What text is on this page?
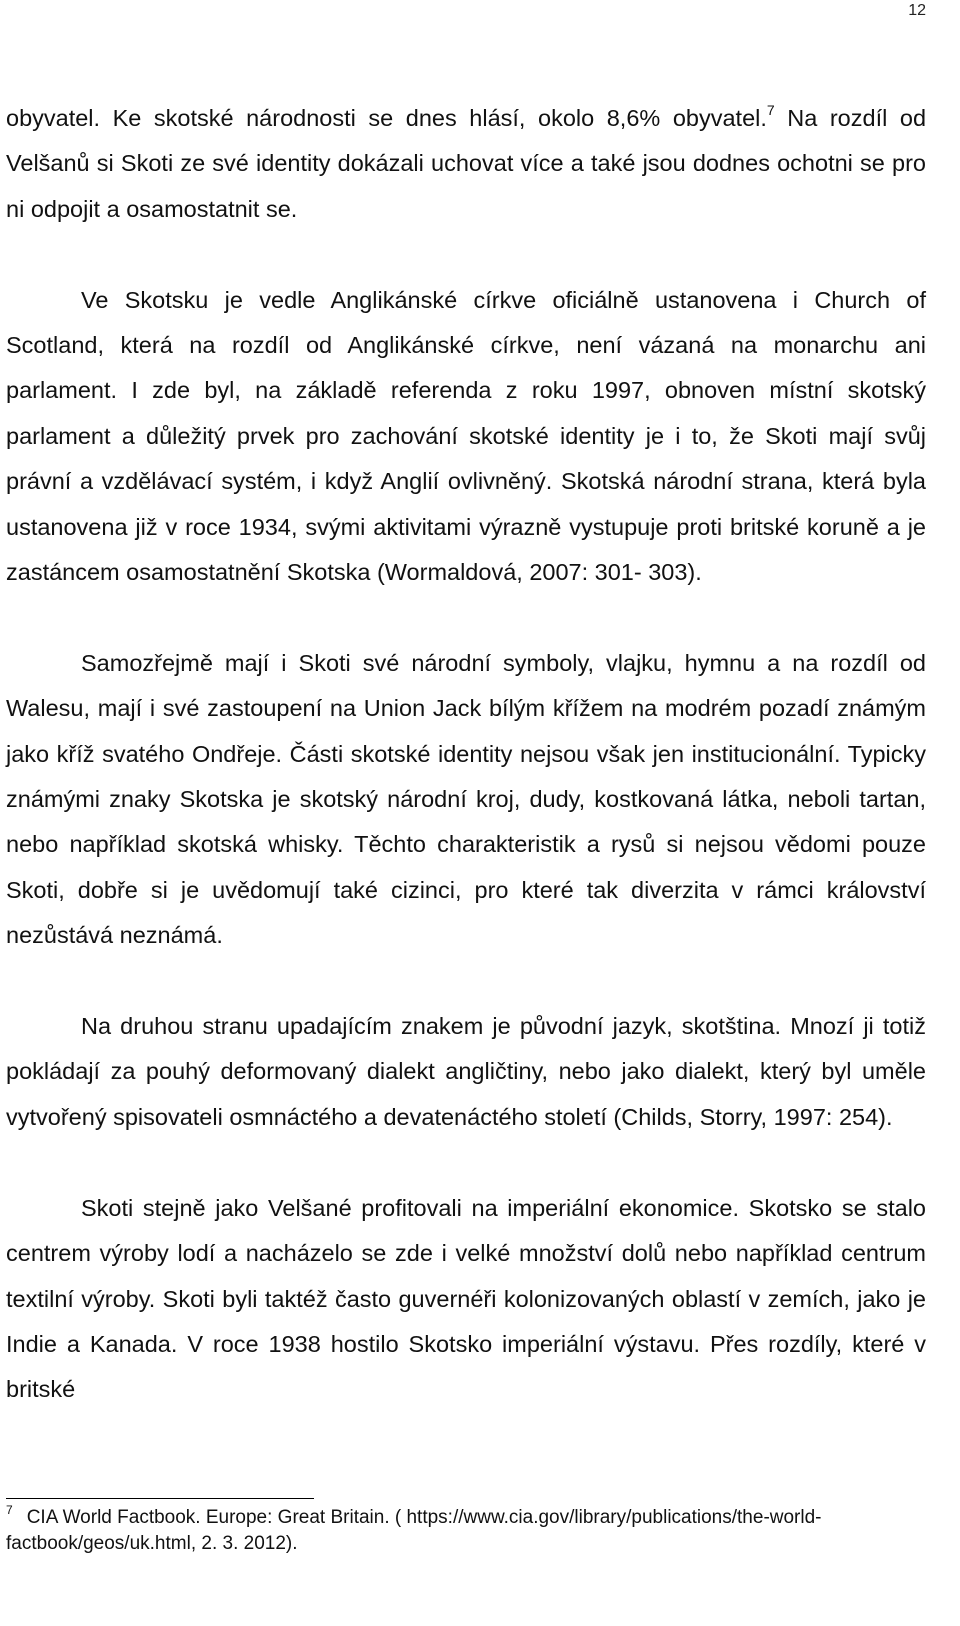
12

obyvatel. Ke skotské národnosti se dnes hlásí, okolo 8,6% obyvatel.$^7$ Na rozdíl od Velšanů si Skoti ze své identity dokázali uchovat více a také jsou dodnes ochotni se pro ni odpojit a osamostatnit se.

Ve Skotsku je vedle Anglikánské církve oficiálně ustanovena i Church of Scotland, která na rozdíl od Anglikánské církve, není vázaná na monarchu ani parlament. I zde byl, na základě referenda z roku 1997, obnoven místní skotský parlament a důležitý prvek pro zachování skotské identity je i to, že Skoti mají svůj právní a vzdělávací systém, i když Anglií ovlivněný. Skotská národní strana, která byla ustanovena již v roce 1934, svými aktivitami výrazně vystupuje proti britské koruně a je zastáncem osamostatnění Skotska (Wormaldová, 2007: 301- 303).

Samozřejmě mají i Skoti své národní symboly, vlajku, hymnu a na rozdíl od Walesu, mají i své zastoupení na Union Jack bílým křížem na modrém pozadí známým jako kříž svatého Ondřeje. Části skotské identity nejsou však jen institucionální. Typicky známými znaky Skotska je skotský národní kroj, dudy, kostkovaná látka, neboli tartan, nebo například skotská whisky. Těchto charakteristik a rysů si nejsou vědomi pouze Skoti, dobře si je uvědomují také cizinci, pro které tak diverzita v rámci království nezůstává neznámá.

Na druhou stranu upadajícím znakem je původní jazyk, skotština. Mnozí ji totiž pokládají za pouhý deformovaný dialekt angličtiny, nebo jako dialekt, který byl uměle vytvořený spisovateli osmnáctého a devatenáctého století (Childs, Storry, 1997: 254).

Skoti stejně jako Velšané profitovali na imperiální ekonomice. Skotsko se stalo centrem výroby lodí a nacházelo se zde i velké množství dolů nebo například centrum textilní výroby. Skoti byli taktéž často guvernéři kolonizovaných oblastí v zemích, jako je Indie a Kanada. V roce 1938 hostilo Skotsko imperiální výstavu. Přes rozdíly, které v britské

$^7$ CIA World Factbook. Europe: Great Britain. ( https://www.cia.gov/library/publications/the-world-factbook/geos/uk.html, 2. 3. 2012).
